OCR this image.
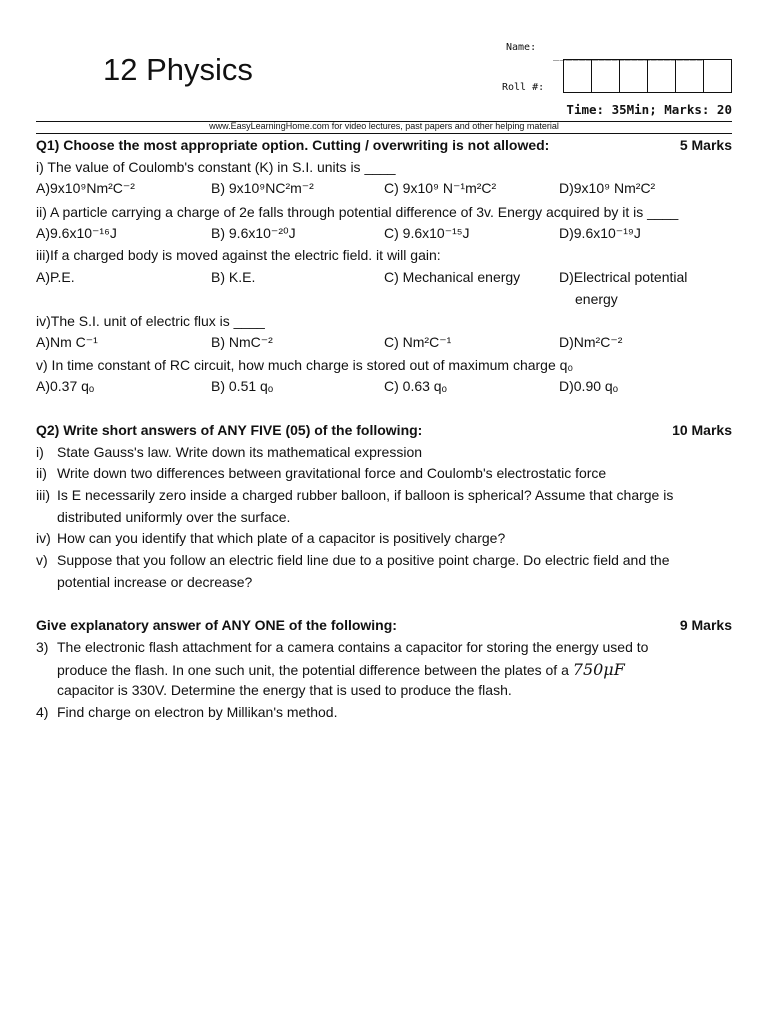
12 Physics
Name:
_______________________
Roll #:
Time: 35Min; Marks: 20
www.EasyLearningHome.com for video lectures, past papers and other helping material
Q1) Choose the most appropriate option. Cutting / overwriting is not allowed:	5 Marks
i) The value of Coulomb's constant (K) in S.I. units is ____
A)9x10⁹Nm²C⁻²	B) 9x10⁹NC²m⁻²	C) 9x10⁹ N⁻¹m²C²	D)9x10⁹ Nm²C²
ii) A particle carrying a charge of 2e falls through potential difference of 3v. Energy acquired by it is ____
A)9.6x10⁻¹⁶J	B) 9.6x10⁻²⁰J	C) 9.6x10⁻¹⁵J	D)9.6x10⁻¹⁹J
iii)If a charged body is moved against the electric field. it will gain:
A)P.E.	B) K.E.	C) Mechanical energy	D)Electrical potential
energy
iv)The S.I. unit of electric flux is ____
A)Nm C⁻¹	B) NmC⁻²	C) Nm²C⁻¹	D)Nm²C⁻²
v) In time constant of RC circuit, how much charge is stored out of maximum charge q₀
A)0.37 qₒ	B) 0.51 qₒ	C) 0.63 qₒ	D)0.90 qₒ
Q2) Write short answers of ANY FIVE (05) of the following:	10 Marks
i) State Gauss's law. Write down its mathematical expression
ii) Write down two differences between gravitational force and Coulomb's electrostatic force
iii) Is E necessarily zero inside a charged rubber balloon, if balloon is spherical? Assume that charge is
distributed uniformly over the surface.
iv) How can you identify that which plate of a capacitor is positively charge?
v) Suppose that you follow an electric field line due to a positive point charge. Do electric field and the
potential increase or decrease?
Give explanatory answer of ANY ONE of the following:	9 Marks
3) The electronic flash attachment for a camera contains a capacitor for storing the energy used to
produce the flash. In one such unit, the potential difference between the plates of a 750μF
capacitor is 330V. Determine the energy that is used to produce the flash.
4) Find charge on electron by Millikan's method.
